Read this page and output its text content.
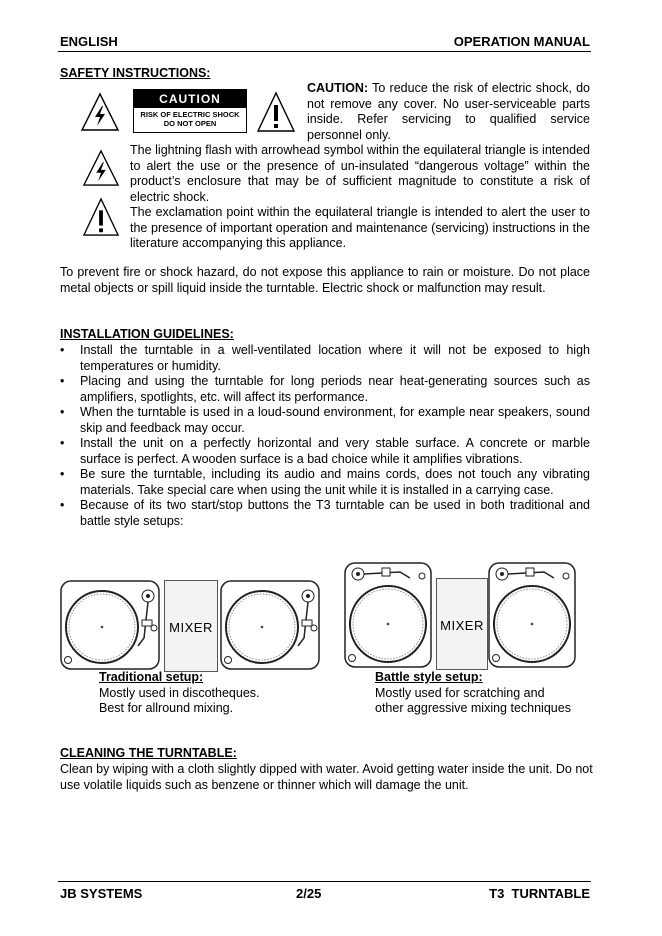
ENGLISH	OPERATION MANUAL
SAFETY INSTRUCTIONS:
CAUTION
RISK OF ELECTRIC SHOCK
DO NOT OPEN
CAUTION: To reduce the risk of electric shock, do not remove any cover. No user-serviceable parts inside. Refer servicing to qualified service personnel only.
The lightning flash with arrowhead symbol within the equilateral triangle is intended to alert the use or the presence of un-insulated “dangerous voltage” within the product’s enclosure that may be of sufficient magnitude to constitute a risk of electric shock.
The exclamation point within the equilateral triangle is intended to alert the user to the presence of important operation and maintenance (servicing) instructions in the literature accompanying this appliance.
To prevent fire or shock hazard, do not expose this appliance to rain or moisture. Do not place metal objects or spill liquid inside the turntable. Electric shock or malfunction may result.
INSTALLATION GUIDELINES:
• Install the turntable in a well-ventilated location where it will not be exposed to high temperatures or humidity.
• Placing and using the turntable for long periods near heat-generating sources such as amplifiers, spotlights, etc. will affect its performance.
• When the turntable is used in a loud-sound environment, for example near speakers, sound skip and feedback may occur.
• Install the unit on a perfectly horizontal and very stable surface. A concrete or marble surface is perfect. A wooden surface is a bad choice while it amplifies vibrations.
• Be sure the turntable, including its audio and mains cords, does not touch any vibrating materials. Take special care when using the unit while it is installed in a carrying case.
• Because of its two start/stop buttons the T3 turntable can be used in both traditional and battle style setups:
MIXER	MIXER
Traditional setup:
Mostly used in discotheques.
Best for allround mixing.
Battle style setup:
Mostly used for scratching and
other aggressive mixing techniques
CLEANING THE TURNTABLE:
Clean by wiping with a cloth slightly dipped with water. Avoid getting water inside the unit. Do not use volatile liquids such as benzene or thinner which will damage the unit.
JB SYSTEMS	2/25	T3  TURNTABLE
